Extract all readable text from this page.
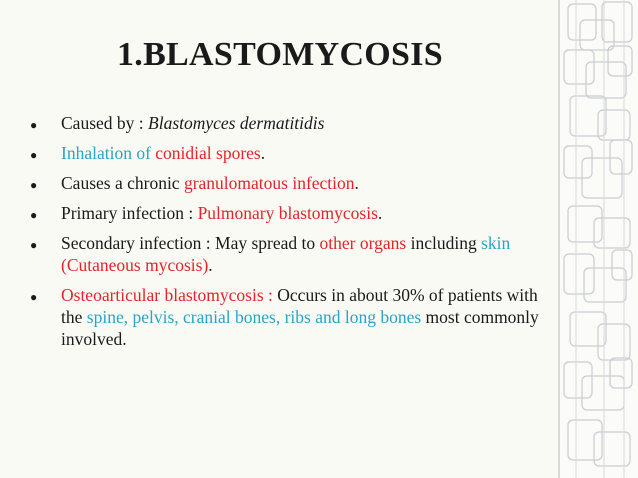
1.BLASTOMYCOSIS
● Caused by : Blastomyces dermatitidis
● Inhalation of conidial spores.
● Causes a chronic granulomatous infection.
● Primary infection : Pulmonary blastomycosis.
● Secondary infection : May spread to other organs including skin (Cutaneous mycosis).
● Osteoarticular blastomycosis : Occurs in about 30% of patients with the spine, pelvis, cranial bones, ribs and long bones most commonly involved.
